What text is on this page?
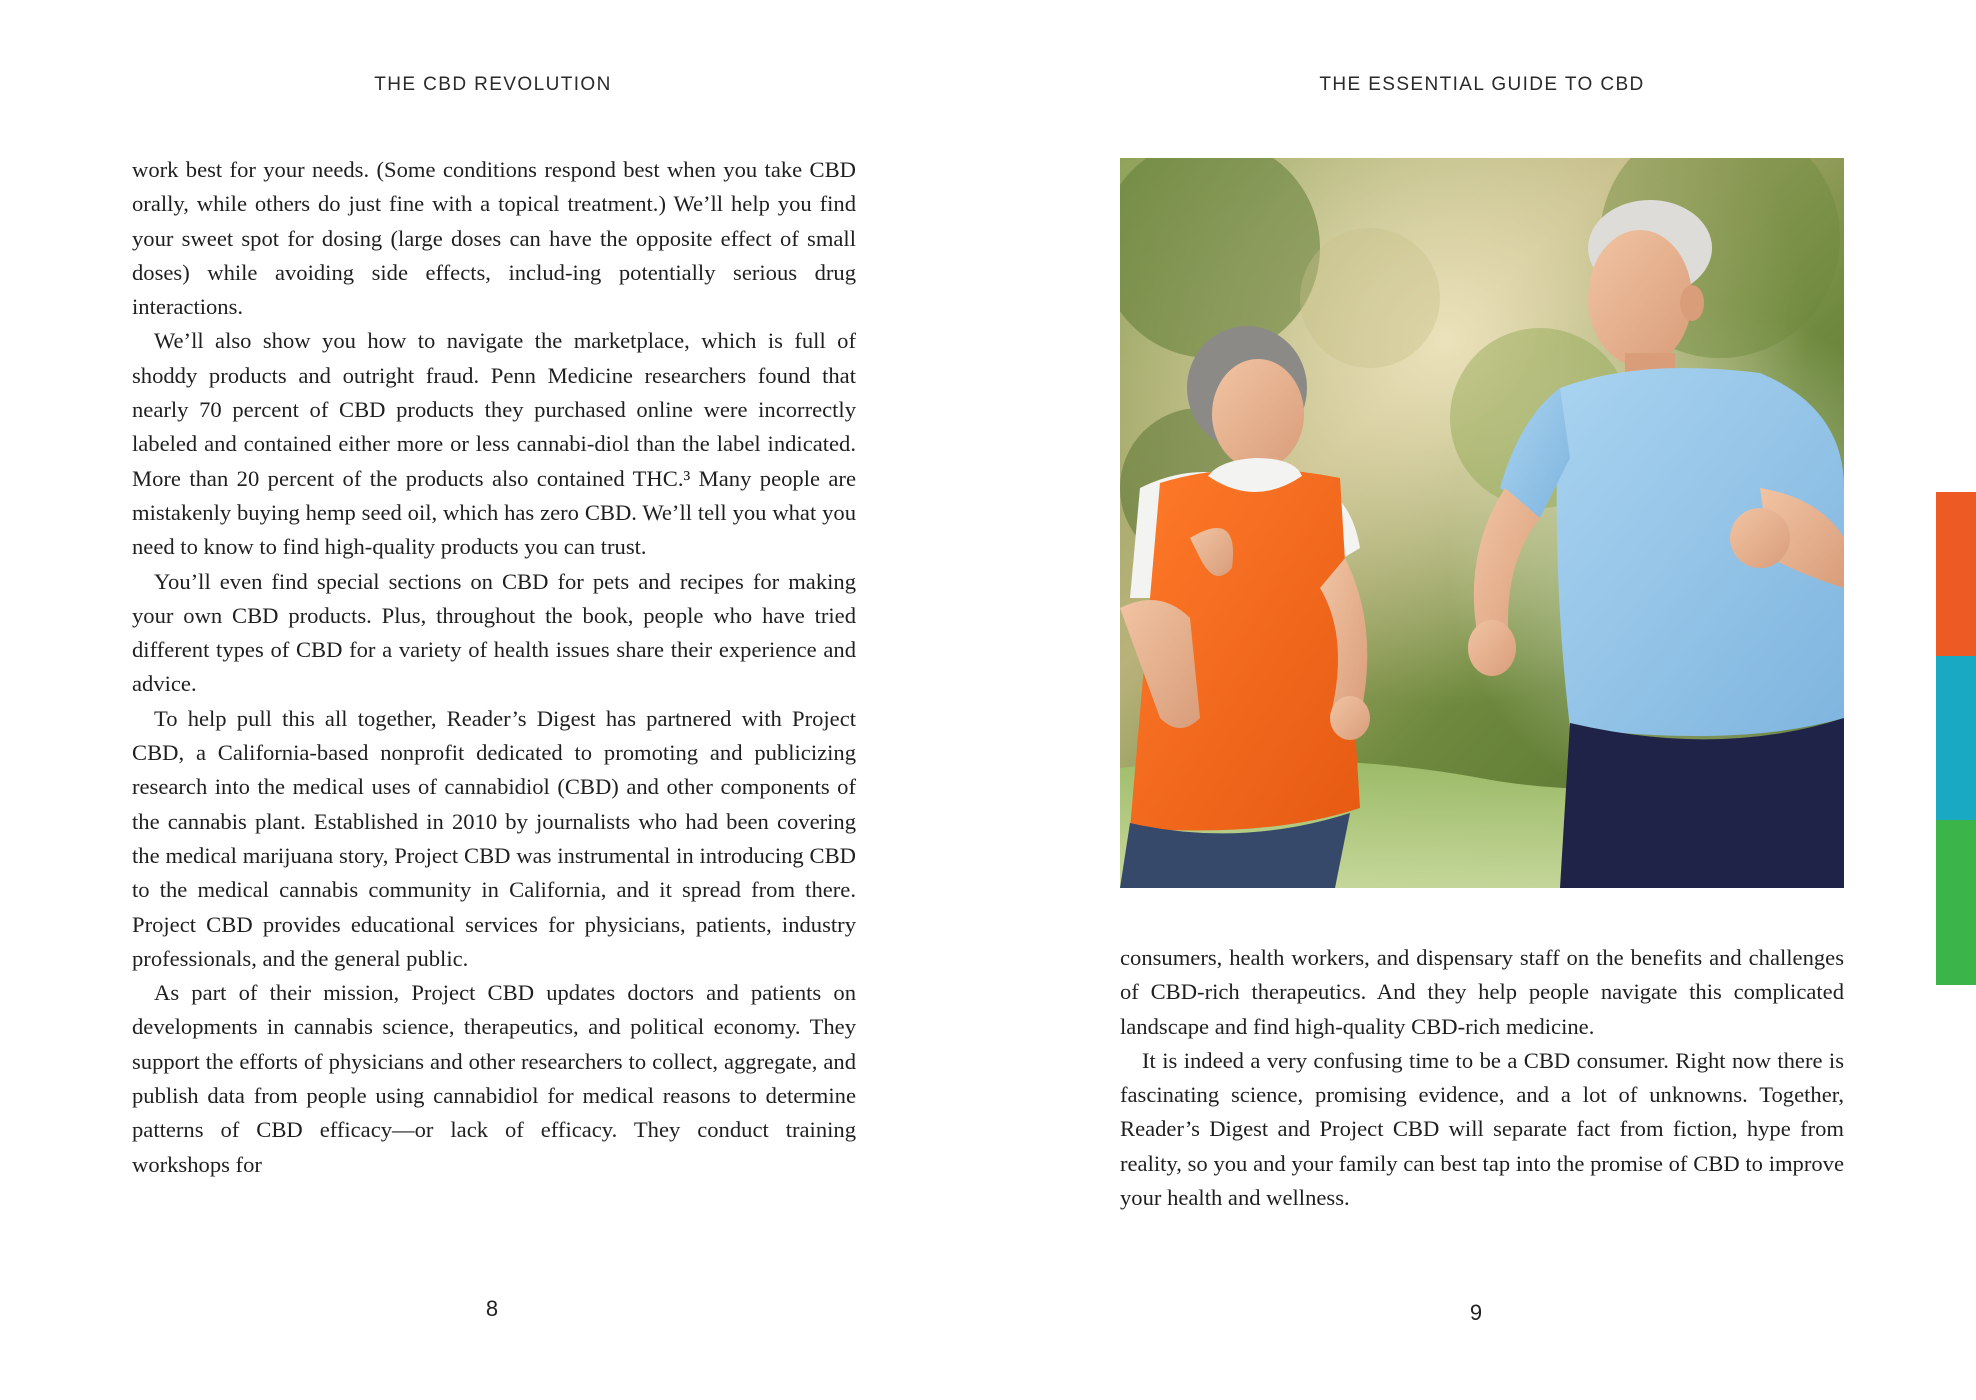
THE CBD REVOLUTION

work best for your needs. (Some conditions respond best when you take CBD orally, while others do just fine with a topical treatment.) We’ll help you find your sweet spot for dosing (large doses can have the opposite effect of small doses) while avoiding side effects, includ-ing potentially serious drug interactions.

We’ll also show you how to navigate the marketplace, which is full of shoddy products and outright fraud. Penn Medicine researchers found that nearly 70 percent of CBD products they purchased online were incorrectly labeled and contained either more or less cannabi-diol than the label indicated. More than 20 percent of the products also contained THC.³ Many people are mistakenly buying hemp seed oil, which has zero CBD. We’ll tell you what you need to know to find high-quality products you can trust.

You’ll even find special sections on CBD for pets and recipes for making your own CBD products. Plus, throughout the book, people who have tried different types of CBD for a variety of health issues share their experience and advice.

To help pull this all together, Reader’s Digest has partnered with Project CBD, a California-based nonprofit dedicated to promoting and publicizing research into the medical uses of cannabidiol (CBD) and other components of the cannabis plant. Established in 2010 by journalists who had been covering the medical marijuana story, Project CBD was instrumental in introducing CBD to the medical cannabis community in California, and it spread from there. Project CBD provides educational services for physicians, patients, industry professionals, and the general public.

As part of their mission, Project CBD updates doctors and patients on developments in cannabis science, therapeutics, and political economy. They support the efforts of physicians and other researchers to collect, aggregate, and publish data from people using cannabidiol for medical reasons to determine patterns of CBD efficacy—or lack of efficacy. They conduct training workshops for

8
THE ESSENTIAL GUIDE TO CBD

consumers, health workers, and dispensary staff on the benefits and challenges of CBD-rich therapeutics. And they help people navigate this complicated landscape and find high-quality CBD-rich medicine.

It is indeed a very confusing time to be a CBD consumer. Right now there is fascinating science, promising evidence, and a lot of unknowns. Together, Reader’s Digest and Project CBD will separate fact from fiction, hype from reality, so you and your family can best tap into the promise of CBD to improve your health and wellness.

9
